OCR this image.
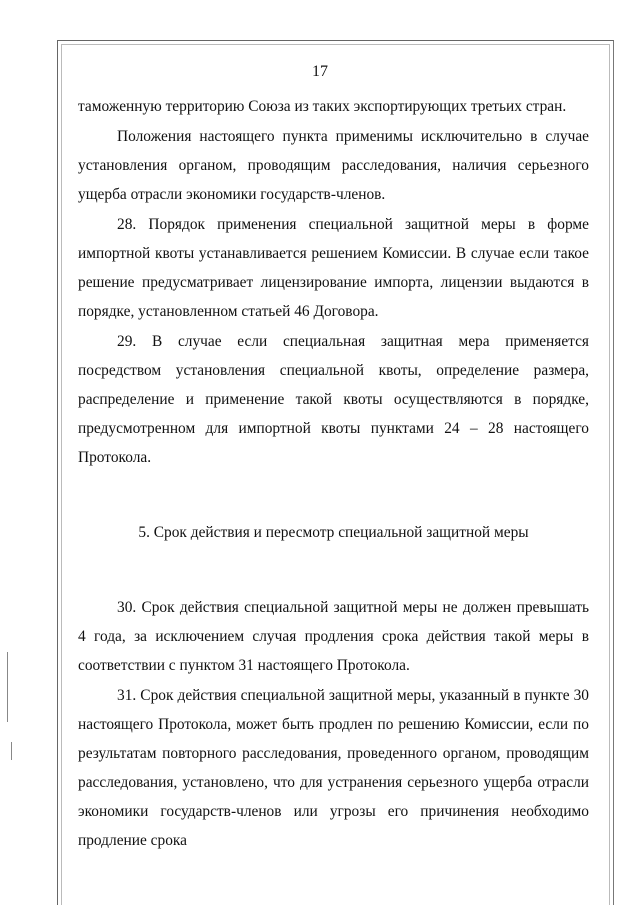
17

таможенную территорию Союза из таких экспортирующих третьих стран.

Положения настоящего пункта применимы исключительно в случае установления органом, проводящим расследования, наличия серьезного ущерба отрасли экономики государств-членов.

28. Порядок применения специальной защитной меры в форме импортной квоты устанавливается решением Комиссии. В случае если такое решение предусматривает лицензирование импорта, лицензии выдаются в порядке, установленном статьей 46 Договора.

29. В случае если специальная защитная мера применяется посредством установления специальной квоты, определение размера, распределение и применение такой квоты осуществляются в порядке, предусмотренном для импортной квоты пунктами 24 – 28 настоящего Протокола.

5. Срок действия и пересмотр специальной защитной меры

30. Срок действия специальной защитной меры не должен превышать 4 года, за исключением случая продления срока действия такой меры в соответствии с пунктом 31 настоящего Протокола.

31. Срок действия специальной защитной меры, указанный в пункте 30 настоящего Протокола, может быть продлен по решению Комиссии, если по результатам повторного расследования, проведенного органом, проводящим расследования, установлено, что для устранения серьезного ущерба отрасли экономики государств-членов или угрозы его причинения необходимо продление срока
